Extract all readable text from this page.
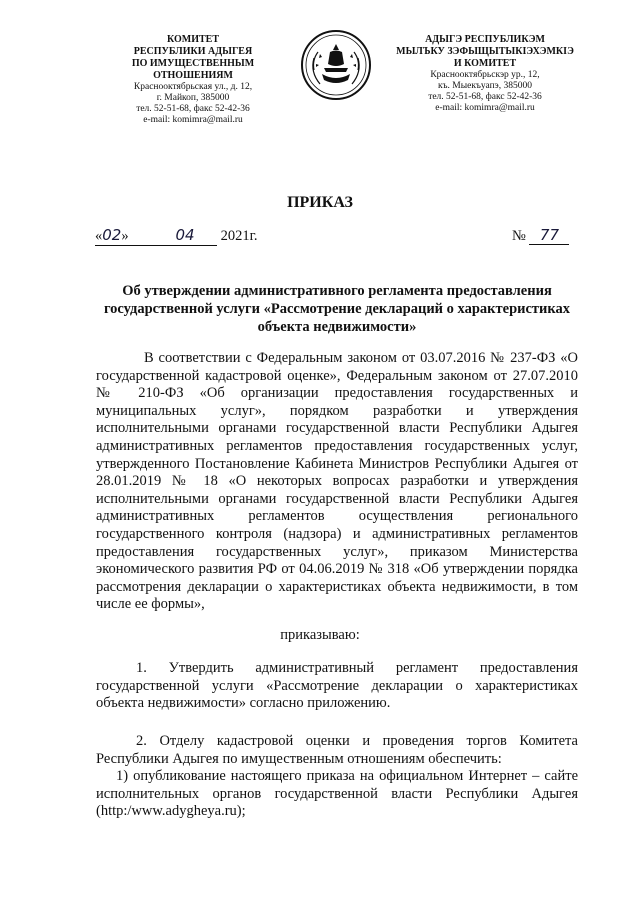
КОМИТЕТ
РЕСПУБЛИКИ АДЫГЕЯ
ПО ИМУЩЕСТВЕННЫМ ОТНОШЕНИЯМ
Краснооктябрьская ул., д. 12,
г. Майкоп, 385000
тел. 52-51-68, факс 52-42-36
e-mail: komimra@mail.ru
АДЫГЭ РЕСПУБЛИКЭМ
МЫЛЪКУ ЗЭФЫЩЫТЫКІЭХЭМКІЭ
И КОМИТЕТ
Краснооктябрьскэр ур., 12,
къ. Мыекъуапэ, 385000
тел. 52-51-68, факс 52-42-36
e-mail: komimra@mail.ru
ПРИКАЗ
«02»	04 2021г.	№ 77
Об утверждении административного регламента предоставления государственной услуги «Рассмотрение деклараций о характеристиках объекта недвижимости»

В соответствии с Федеральным законом от 03.07.2016 № 237-ФЗ «О государственной кадастровой оценке», Федеральным законом от 27.07.2010 № 210-ФЗ «Об организации предоставления государственных и муниципальных услуг», порядком разработки и утверждения исполнительными органами государственной власти Республики Адыгея административных регламентов предоставления государственных услуг, утвержденного Постановление Кабинета Министров Республики Адыгея от 28.01.2019 № 18 «О некоторых вопросах разработки и утверждения исполнительными органами государственной власти Республики Адыгея административных регламентов осуществления регионального государственного контроля (надзора) и административных регламентов предоставления государственных услуг», приказом Министерства экономического развития РФ от 04.06.2019 № 318 «Об утверждении порядка рассмотрения декларации о характеристиках объекта недвижимости, в том числе ее формы»,

приказываю:

1. Утвердить административный регламент предоставления государственной услуги «Рассмотрение декларации о характеристиках объекта недвижимости» согласно приложению.

2. Отделу кадастровой оценки и проведения торгов Комитета Республики Адыгея по имущественным отношениям обеспечить:

1) опубликование настоящего приказа на официальном Интернет – сайте исполнительных органов государственной власти Республики Адыгея (http:/www.adygheya.ru);
